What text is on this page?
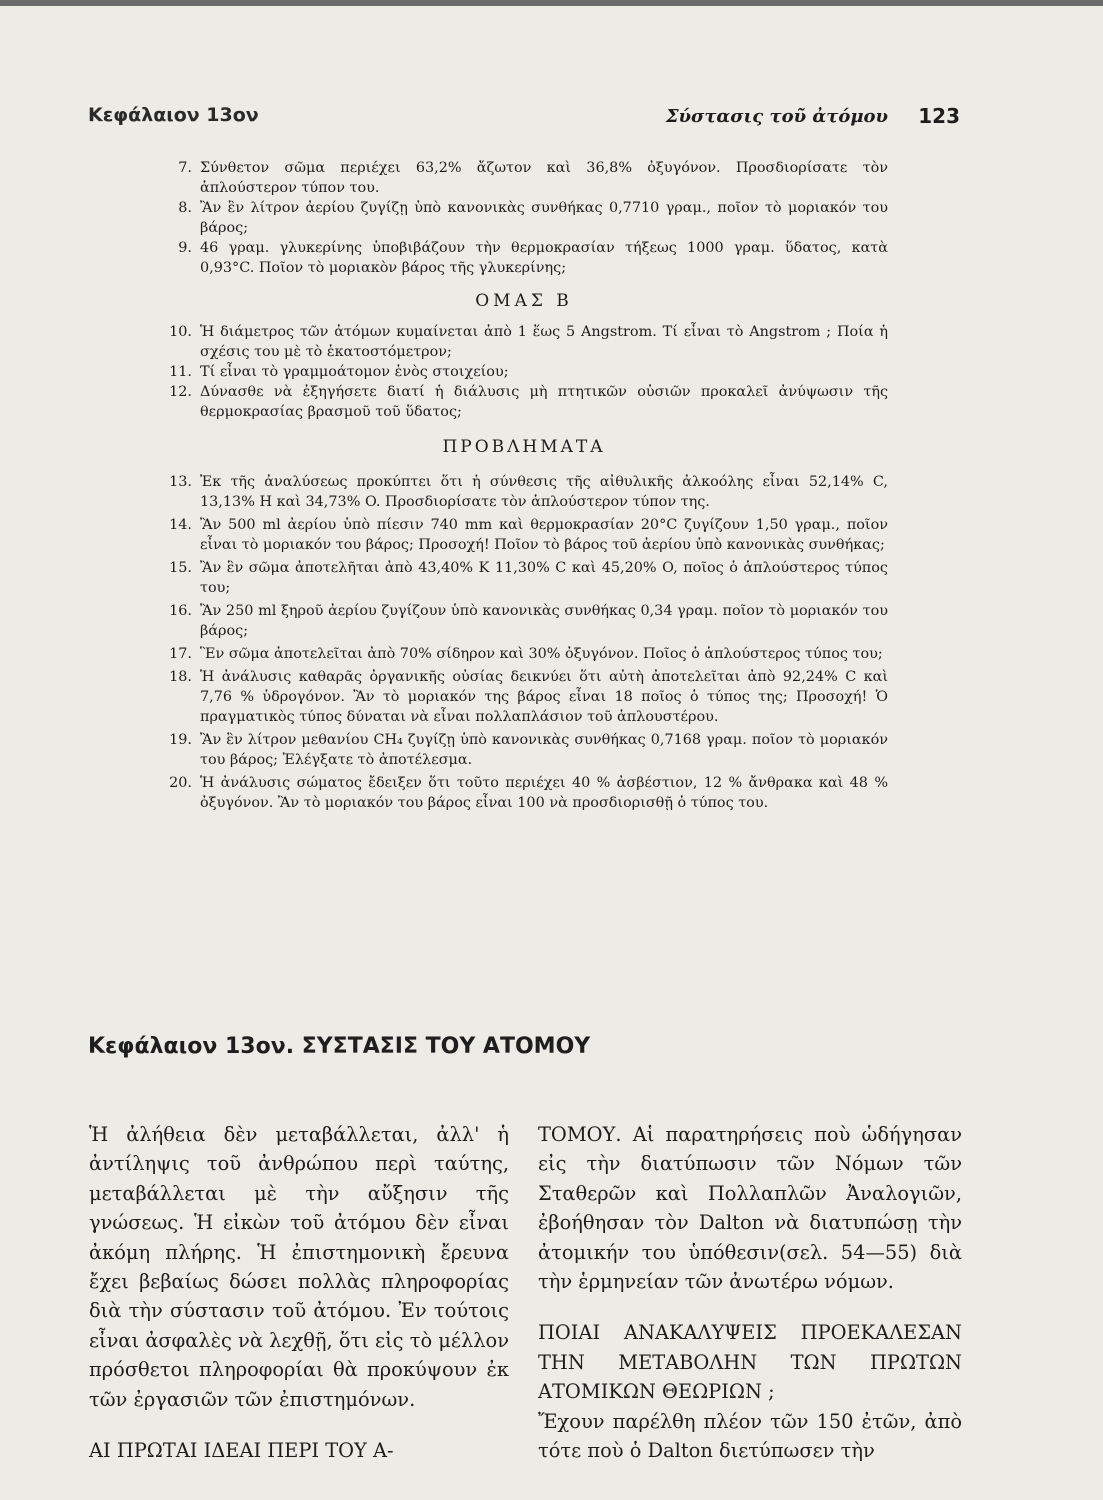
Κεφάλαιον 13ον	Σύστασις τοῦ ἀτόμου 123
7. Σύνθετον σῶμα περιέχει 63,2% ἄζωτον καὶ 36,8% ὀξυγόνον. Προσδιορίσατε τὸν ἁπλούστερον τύπον του.
8. Ἂν ἓν λίτρον ἀερίου ζυγίζῃ ὑπὸ κανονικὰς συνθήκας 0,7710 γραμ., ποῖον τὸ μοριακόν του βάρος;
9. 46 γραμ. γλυκερίνης ὑποβιβάζουν τὴν θερμοκρασίαν τήξεως 1000 γραμ. ὕδατος, κατὰ 0,93°C. Ποῖον τὸ μοριακὸν βάρος τῆς γλυκερίνης;
ΟΜΑΣ Β
10. Ἡ διάμετρος τῶν ἀτόμων κυμαίνεται ἀπὸ 1 ἕως 5 Angstrom. Τί εἶναι τὸ Angstrom ; Ποία ἡ σχέσις του μὲ τὸ ἑκατοστόμετρον;
11. Τί εἶναι τὸ γραμμοάτομον ἑνὸς στοιχείου;
12. Δύνασθε νὰ ἐξηγήσετε διατί ἡ διάλυσις μὴ πτητικῶν οὐσιῶν προκαλεῖ ἀνύψωσιν τῆς θερμοκρασίας βρασμοῦ τοῦ ὕδατος;
ΠΡΟΒΛΗΜΑΤΑ
13. Ἐκ τῆς ἀναλύσεως προκύπτει ὅτι ἡ σύνθεσις τῆς αἰθυλικῆς ἀλκοόλης εἶναι 52,14% C, 13,13% H καὶ 34,73% O. Προσδιορίσατε τὸν ἁπλούστερον τύπον της.
14. Ἂν 500 ml ἀερίου ὑπὸ πίεσιν 740 mm καὶ θερμοκρασίαν 20°C ζυγίζουν 1,50 γραμ., ποῖον εἶναι τὸ μοριακόν του βάρος; Προσοχή! Ποῖον τὸ βάρος τοῦ ἀερίου ὑπὸ κανονικὰς συνθήκας;
15. Ἂν ἓν σῶμα ἀποτελῆται ἀπὸ 43,40% K 11,30% C καὶ 45,20% O, ποῖος ὁ ἁπλούστερος τύπος του;
16. Ἂν 250 ml ξηροῦ ἀερίου ζυγίζουν ὑπὸ κανονικὰς συνθήκας 0,34 γραμ. ποῖον τὸ μοριακόν του βάρος;
17. Ἓν σῶμα ἀποτελεῖται ἀπὸ 70% σίδηρον καὶ 30% ὀξυγόνον. Ποῖος ὁ ἁπλούστερος τύπος του;
18. Ἡ ἀνάλυσις καθαρᾶς ὀργανικῆς οὐσίας δεικνύει ὅτι αὐτὴ ἀποτελεῖται ἀπὸ 92,24% C καὶ 7,76 % ὑδρογόνον. Ἂν τὸ μοριακόν της βάρος εἶναι 18 ποῖος ὁ τύπος της; Προσοχή! Ὁ πραγματικὸς τύπος δύναται νὰ εἶναι πολλαπλάσιον τοῦ ἁπλουστέρου.
19. Ἂν ἓν λίτρον μεθανίου CH₄ ζυγίζῃ ὑπὸ κανονικὰς συνθήκας 0,7168 γραμ. ποῖον τὸ μοριακόν του βάρος; Ἐλέγξατε τὸ ἀποτέλεσμα.
20. Ἡ ἀνάλυσις σώματος ἔδειξεν ὅτι τοῦτο περιέχει 40 % ἀσβέστιον, 12 % ἄνθρακα καὶ 48 % ὀξυγόνον. Ἂν τὸ μοριακόν του βάρος εἶναι 100 νὰ προσδιορισθῇ ὁ τύπος του.
Κεφάλαιον 13ον. ΣΥΣΤΑΣΙΣ ΤΟΥ ΑΤΟΜΟΥ

Ἡ ἀλήθεια δὲν μεταβάλλεται, ἀλλ' ἡ ἀντίληψις τοῦ ἀνθρώπου περὶ ταύτης, μεταβάλλεται μὲ τὴν αὔξησιν τῆς γνώσεως. Ἡ εἰκὼν τοῦ ἀτόμου δὲν εἶναι ἀκόμη πλήρης. Ἡ ἐπιστημονικὴ ἔρευνα ἔχει βεβαίως δώσει πολλὰς πληροφορίας διὰ τὴν σύστασιν τοῦ ἀτόμου. Ἐν τούτοις εἶναι ἀσφαλὲς νὰ λεχθῇ, ὅτι εἰς τὸ μέλλον πρόσθετοι πληροφορίαι θὰ προκύψουν ἐκ τῶν ἐργασιῶν τῶν ἐπιστημόνων.

ΑΙ ΠΡΩΤΑΙ ΙΔΕΑΙ ΠΕΡΙ ΤΟΥ Α-

ΤΟΜΟΥ. Αἱ παρατηρήσεις ποὺ ὡδήγησαν εἰς τὴν διατύπωσιν τῶν Νόμων τῶν Σταθερῶν καὶ Πολλαπλῶν Ἀναλογιῶν, ἐβοήθησαν τὸν Dalton νὰ διατυπώσῃ τὴν ἀτομικήν του ὑπόθεσιν(σελ. 54—55) διὰ τὴν ἑρμηνείαν τῶν ἀνωτέρω νόμων.

ΠΟΙΑΙ ΑΝΑΚΑΛΥΨΕΙΣ ΠΡΟΕΚΑΛΕΣΑΝ ΤΗΝ ΜΕΤΑΒΟΛΗΝ ΤΩΝ ΠΡΩΤΩΝ ΑΤΟΜΙΚΩΝ ΘΕΩΡΙΩΝ ;

Ἔχουν παρέλθη πλέον τῶν 150 ἐτῶν, ἀπὸ τότε ποὺ ὁ Dalton διετύπωσεν τὴν
